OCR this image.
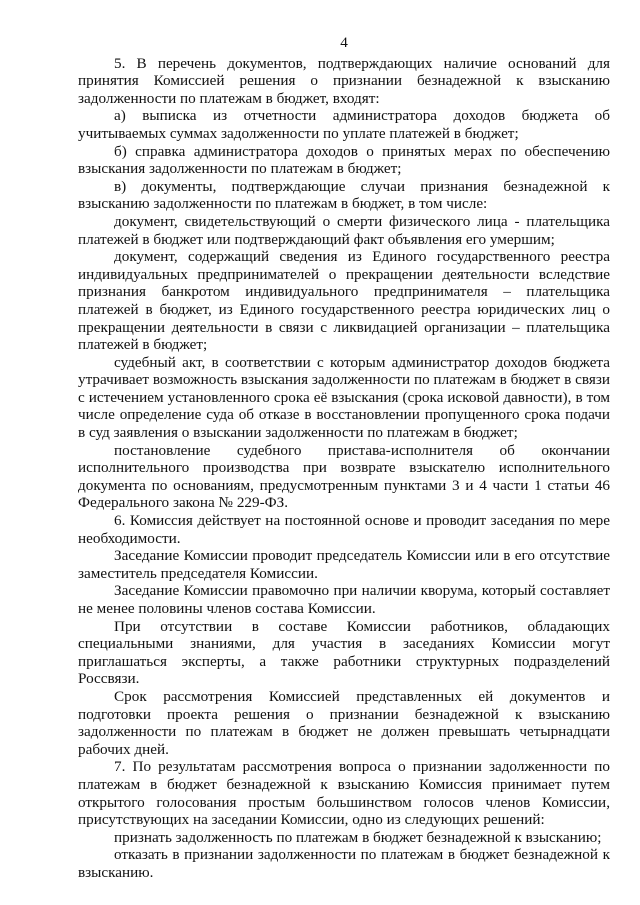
4

5. В перечень документов, подтверждающих наличие оснований для принятия Комиссией решения о признании безнадежной к взысканию задолженности по платежам в бюджет, входят:

а) выписка из отчетности администратора доходов бюджета об учитываемых суммах задолженности по уплате платежей в бюджет;

б) справка администратора доходов о принятых мерах по обеспечению взыскания задолженности по платежам в бюджет;

в) документы, подтверждающие случаи признания безнадежной к взысканию задолженности по платежам в бюджет, в том числе:

документ, свидетельствующий о смерти физического лица - плательщика платежей в бюджет или подтверждающий факт объявления его умершим;

документ, содержащий сведения из Единого государственного реестра индивидуальных предпринимателей о прекращении деятельности вследствие признания банкротом индивидуального предпринимателя – плательщика платежей в бюджет, из Единого государственного реестра юридических лиц о прекращении деятельности в связи с ликвидацией организации – плательщика платежей в бюджет;

судебный акт, в соответствии с которым администратор доходов бюджета утрачивает возможность взыскания задолженности по платежам в бюджет в связи с истечением установленного срока её взыскания (срока исковой давности), в том числе определение суда об отказе в восстановлении пропущенного срока подачи в суд заявления о взыскании задолженности по платежам в бюджет;

постановление судебного пристава-исполнителя об окончании исполнительного производства при возврате взыскателю исполнительного документа по основаниям, предусмотренным пунктами 3 и 4 части 1 статьи 46 Федерального закона № 229-ФЗ.

6. Комиссия действует на постоянной основе и проводит заседания по мере необходимости.

Заседание Комиссии проводит председатель Комиссии или в его отсутствие заместитель председателя Комиссии.

Заседание Комиссии правомочно при наличии кворума, который составляет не менее половины членов состава Комиссии.

При отсутствии в составе Комиссии работников, обладающих специальными знаниями, для участия в заседаниях Комиссии могут приглашаться эксперты, а также работники структурных подразделений Россвязи.

Срок рассмотрения Комиссией представленных ей документов и подготовки проекта решения о признании безнадежной к взысканию задолженности по платежам в бюджет не должен превышать четырнадцати рабочих дней.

7. По результатам рассмотрения вопроса о признании задолженности по платежам в бюджет безнадежной к взысканию Комиссия принимает путем открытого голосования простым большинством голосов членов Комиссии, присутствующих на заседании Комиссии, одно из следующих решений:

признать задолженность по платежам в бюджет безнадежной к взысканию;

отказать в признании задолженности по платежам в бюджет безнадежной к взысканию.
